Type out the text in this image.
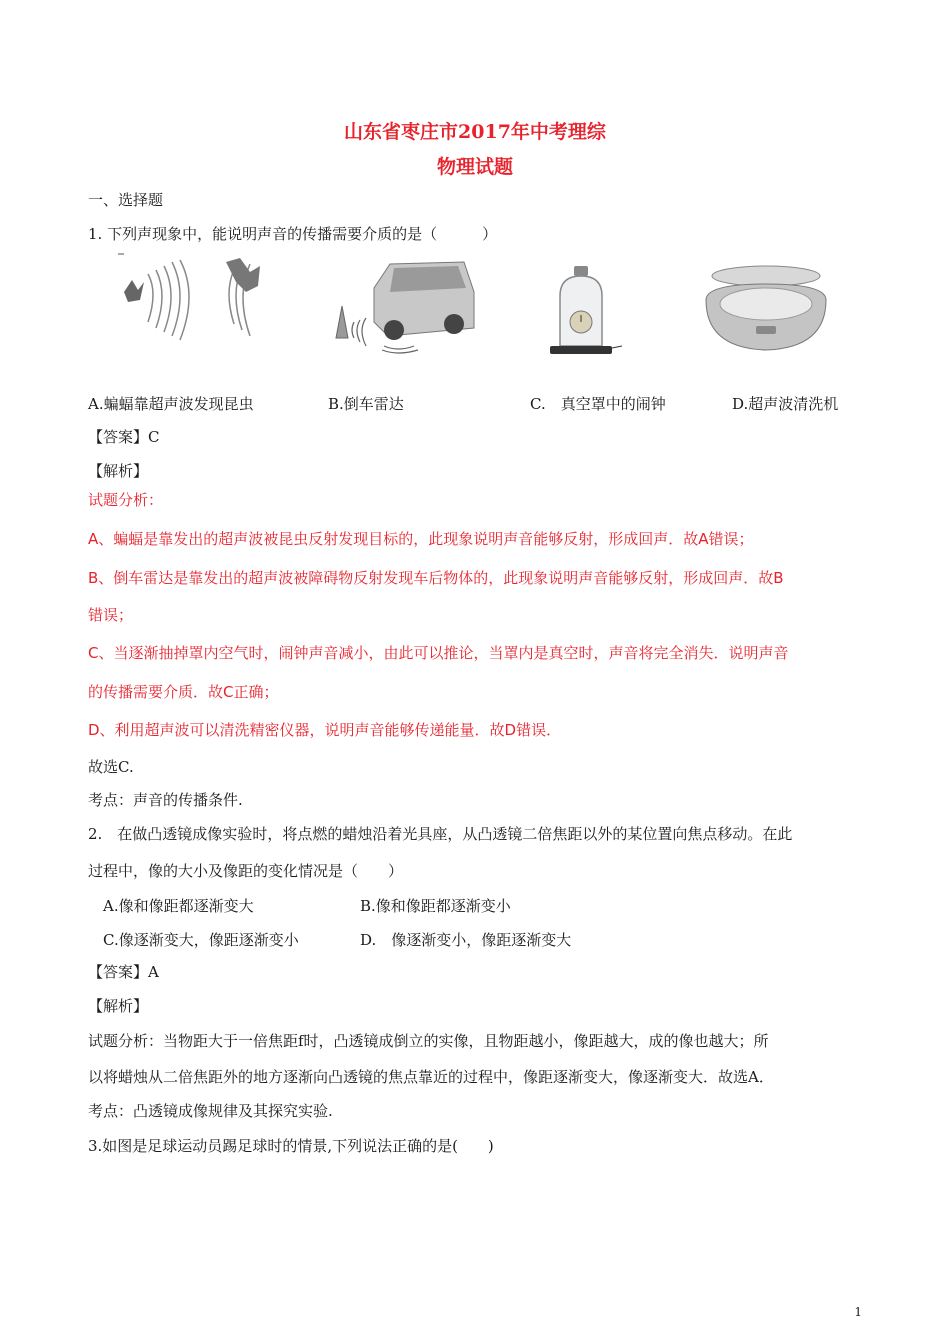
山东省枣庄市2017年中考理综
物理试题
一、选择题
1. 下列声现象中，能说明声音的传播需要介质的是（　　　）
A.蝙蝠靠超声波发现昆虫	B.倒车雷达	C.　真空罩中的闹钟	D.超声波清洗机
【答案】C
【解析】
试题分析：
A、蝙蝠是靠发出的超声波被昆虫反射发现目标的，此现象说明声音能够反射，形成回声．故A错误；
B、倒车雷达是靠发出的超声波被障碍物反射发现车后物体的，此现象说明声音能够反射，形成回声．故B
错误；
C、当逐渐抽掉罩内空气时，闹钟声音减小，由此可以推论，当罩内是真空时，声音将完全消失．说明声音
的传播需要介质．故C正确；
D、利用超声波可以清洗精密仪器，说明声音能够传递能量．故D错误．
故选C.
考点：声音的传播条件.
2.　在做凸透镜成像实验时，将点燃的蜡烛沿着光具座，从凸透镜二倍焦距以外的某位置向焦点移动。在此
过程中，像的大小及像距的变化情况是（　　）
A.像和像距都逐渐变大	B.像和像距都逐渐变小
C.像逐渐变大，像距逐渐变小	D.　像逐渐变小，像距逐渐变大
【答案】A
【解析】
试题分析：当物距大于一倍焦距f时，凸透镜成倒立的实像，且物距越小，像距越大，成的像也越大；所
以将蜡烛从二倍焦距外的地方逐渐向凸透镜的焦点靠近的过程中，像距逐渐变大，像逐渐变大．故选A．
考点：凸透镜成像规律及其探究实验.
3.如图是足球运动员踢足球时的情景,下列说法正确的是(　　)
1
